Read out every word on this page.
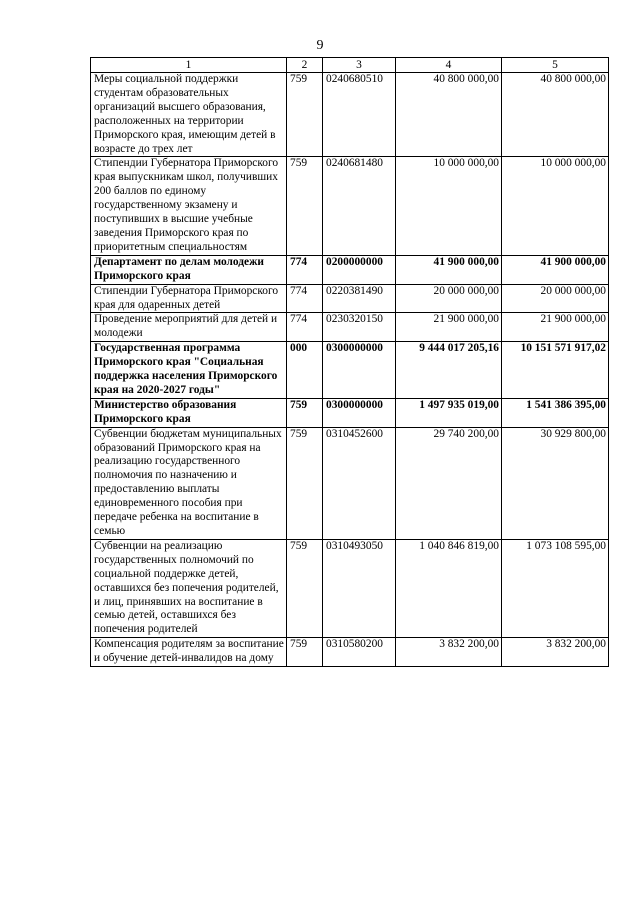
9
1	2	3	4	5
Меры социальной поддержки студентам образовательных организаций высшего образования, расположенных на территории Приморского края, имеющим детей в возрасте до трех лет	759	0240680510	40 800 000,00	40 800 000,00
Стипендии Губернатора Приморского края выпускникам школ, получивших 200 баллов по единому государственному экзамену и поступивших в высшие учебные заведения Приморского края по приоритетным специальностям	759	0240681480	10 000 000,00	10 000 000,00
Департамент по делам молодежи Приморского края	774	0200000000	41 900 000,00	41 900 000,00
Стипендии Губернатора Приморского края для одаренных детей	774	0220381490	20 000 000,00	20 000 000,00
Проведение мероприятий для детей и молодежи	774	0230320150	21 900 000,00	21 900 000,00
Государственная программа Приморского края "Социальная поддержка населения Приморского края на 2020-2027 годы"	000	0300000000	9 444 017 205,16	10 151 571 917,02
Министерство образования Приморского края	759	0300000000	1 497 935 019,00	1 541 386 395,00
Субвенции бюджетам муниципальных образований Приморского края на реализацию государственного полномочия по назначению и предоставлению выплаты единовременного пособия при передаче ребенка на воспитание в семью	759	0310452600	29 740 200,00	30 929 800,00
Субвенции на реализацию государственных полномочий по социальной поддержке детей, оставшихся без попечения родителей, и лиц, принявших на воспитание в семью детей, оставшихся без попечения родителей	759	0310493050	1 040 846 819,00	1 073 108 595,00
Компенсация родителям за воспитание и обучение детей-инвалидов на дому	759	0310580200	3 832 200,00	3 832 200,00
